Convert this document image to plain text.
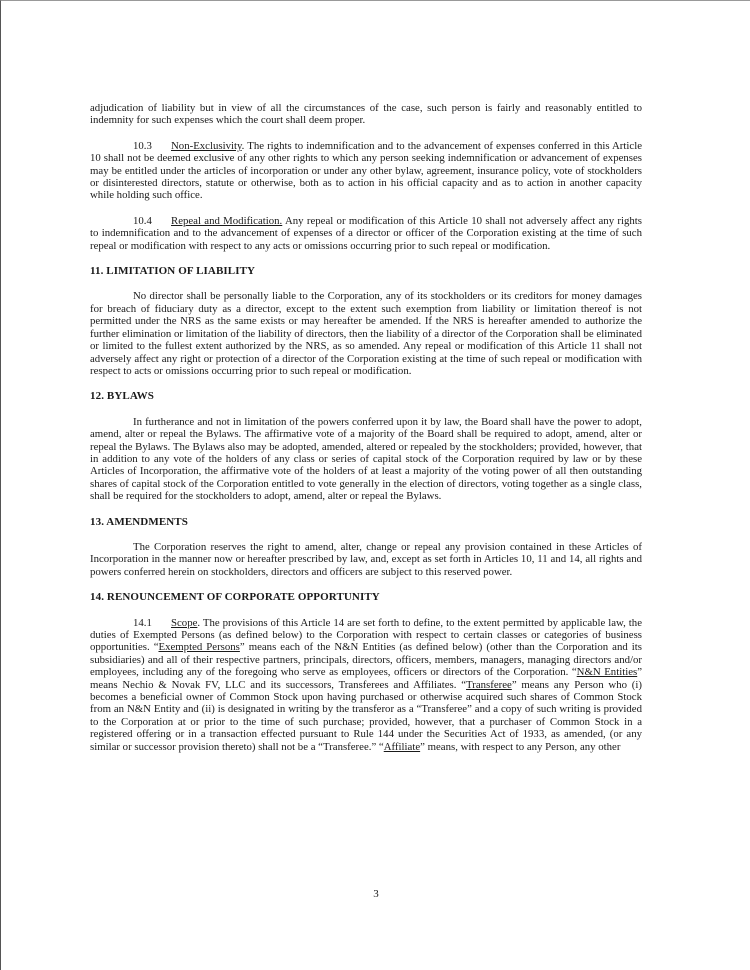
adjudication of liability but in view of all the circumstances of the case, such person is fairly and reasonably entitled to indemnity for such expenses which the court shall deem proper.

10.3 Non-Exclusivity. The rights to indemnification and to the advancement of expenses conferred in this Article 10 shall not be deemed exclusive of any other rights to which any person seeking indemnification or advancement of expenses may be entitled under the articles of incorporation or under any other bylaw, agreement, insurance policy, vote of stockholders or disinterested directors, statute or otherwise, both as to action in his official capacity and as to action in another capacity while holding such office.

10.4 Repeal and Modification. Any repeal or modification of this Article 10 shall not adversely affect any rights to indemnification and to the advancement of expenses of a director or officer of the Corporation existing at the time of such repeal or modification with respect to any acts or omissions occurring prior to such repeal or modification.

11. LIMITATION OF LIABILITY

No director shall be personally liable to the Corporation, any of its stockholders or its creditors for money damages for breach of fiduciary duty as a director, except to the extent such exemption from liability or limitation thereof is not permitted under the NRS as the same exists or may hereafter be amended. If the NRS is hereafter amended to authorize the further elimination or limitation of the liability of directors, then the liability of a director of the Corporation shall be eliminated or limited to the fullest extent authorized by the NRS, as so amended. Any repeal or modification of this Article 11 shall not adversely affect any right or protection of a director of the Corporation existing at the time of such repeal or modification with respect to acts or omissions occurring prior to such repeal or modification.

12. BYLAWS

In furtherance and not in limitation of the powers conferred upon it by law, the Board shall have the power to adopt, amend, alter or repeal the Bylaws. The affirmative vote of a majority of the Board shall be required to adopt, amend, alter or repeal the Bylaws. The Bylaws also may be adopted, amended, altered or repealed by the stockholders; provided, however, that in addition to any vote of the holders of any class or series of capital stock of the Corporation required by law or by these Articles of Incorporation, the affirmative vote of the holders of at least a majority of the voting power of all then outstanding shares of capital stock of the Corporation entitled to vote generally in the election of directors, voting together as a single class, shall be required for the stockholders to adopt, amend, alter or repeal the Bylaws.

13. AMENDMENTS

The Corporation reserves the right to amend, alter, change or repeal any provision contained in these Articles of Incorporation in the manner now or hereafter prescribed by law, and, except as set forth in Articles 10, 11 and 14, all rights and powers conferred herein on stockholders, directors and officers are subject to this reserved power.

14. RENOUNCEMENT OF CORPORATE OPPORTUNITY

14.1 Scope. The provisions of this Article 14 are set forth to define, to the extent permitted by applicable law, the duties of Exempted Persons (as defined below) to the Corporation with respect to certain classes or categories of business opportunities. “Exempted Persons” means each of the N&N Entities (as defined below) (other than the Corporation and its subsidiaries) and all of their respective partners, principals, directors, officers, members, managers, managing directors and/or employees, including any of the foregoing who serve as employees, officers or directors of the Corporation. “N&N Entities” means Nechio & Novak FV, LLC and its successors, Transferees and Affiliates. “Transferee” means any Person who (i) becomes a beneficial owner of Common Stock upon having purchased or otherwise acquired such shares of Common Stock from an N&N Entity and (ii) is designated in writing by the transferor as a “Transferee” and a copy of such writing is provided to the Corporation at or prior to the time of such purchase; provided, however, that a purchaser of Common Stock in a registered offering or in a transaction effected pursuant to Rule 144 under the Securities Act of 1933, as amended, (or any similar or successor provision thereto) shall not be a “Transferee.” “Affiliate” means, with respect to any Person, any other

3
